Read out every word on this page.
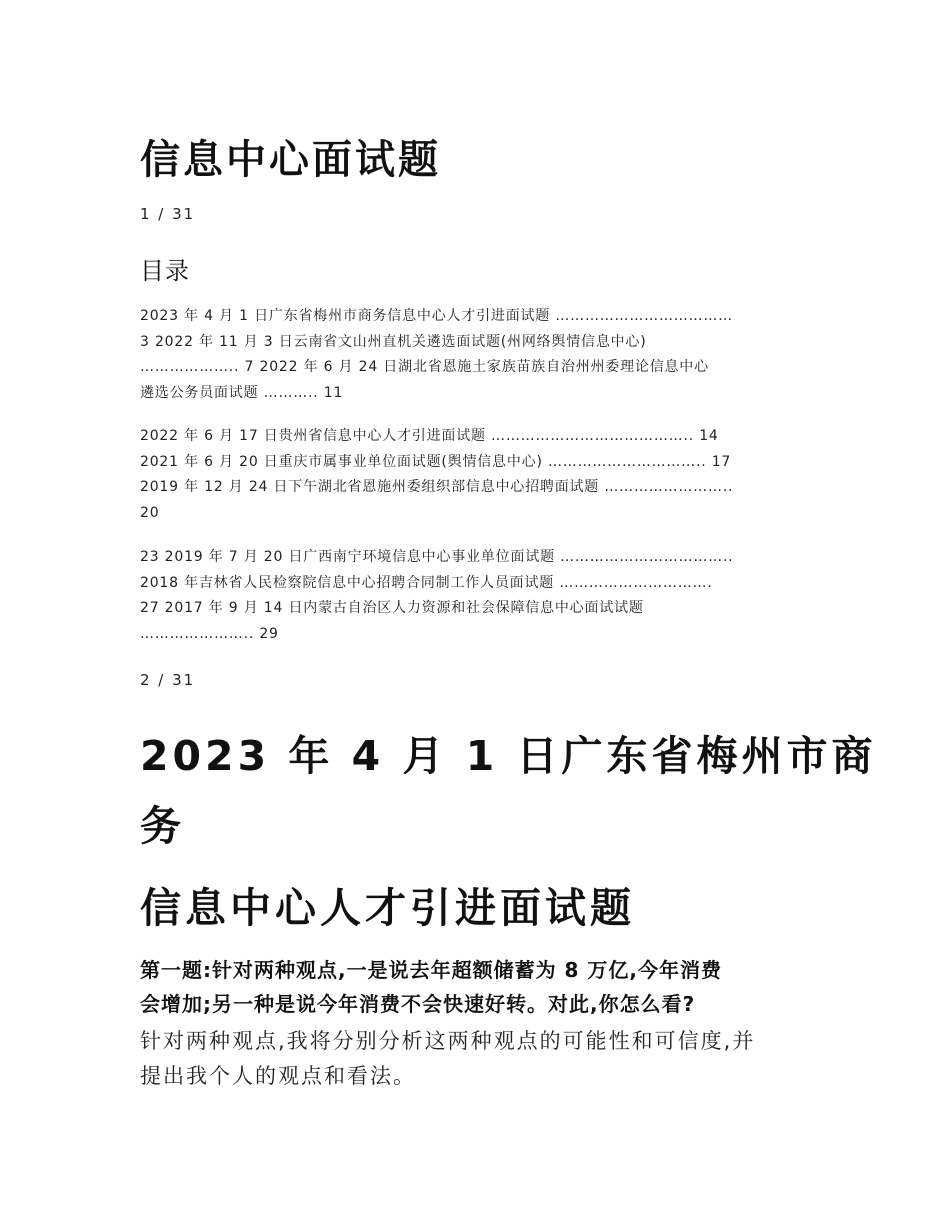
信息中心面试题
1 / 31
目录
2023 年 4 月 1 日广东省梅州市商务信息中心人才引进面试题 ………………………………
3 2022 年 11 月 3 日云南省文山州直机关遴选面试题(州网络舆情信息中心)
……………….. 7 2022 年 6 月 24 日湖北省恩施土家族苗族自治州州委理论信息中心
遴选公务员面试题 ……….. 11
2022 年 6 月 17 日贵州省信息中心人才引进面试题 ………………………………….. 14
2021 年 6 月 20 日重庆市属事业单位面试题(舆情信息中心) ………………………….. 17
2019 年 12 月 24 日下午湖北省恩施州委组织部信息中心招聘面试题 ……………………..
20
23 2019 年 7 月 20 日广西南宁环境信息中心事业单位面试题 ……………………………..
2018 年吉林省人民检察院信息中心招聘合同制工作人员面试题 ………………………….
27 2017 年 9 月 14 日内蒙古自治区人力资源和社会保障信息中心面试试题
………………….. 29
2 / 31
2023 年 4 月 1 日广东省梅州市商
务
信息中心人才引进面试题
第一题:针对两种观点,一是说去年超额储蓄为 8 万亿,今年消费
会增加;另一种是说今年消费不会快速好转。对此,你怎么看?
针对两种观点,我将分别分析这两种观点的可能性和可信度,并
提出我个人的观点和看法。
